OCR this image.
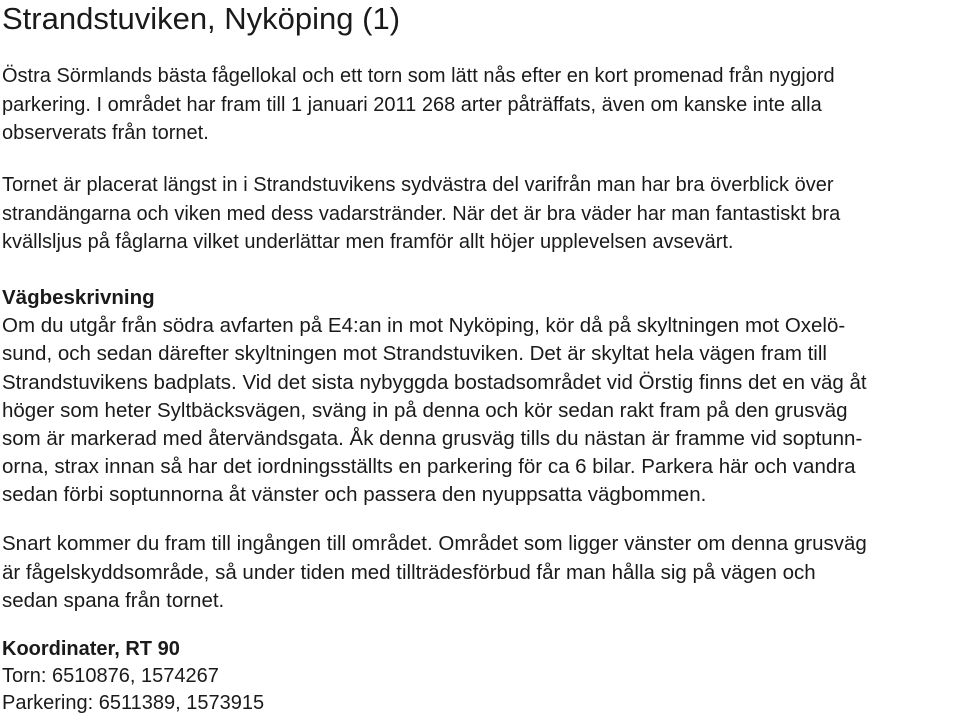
Strandstuviken, Nyköping (1)

Östra Sörmlands bästa fågellokal och ett torn som lätt nås efter en kort promenad från nygjord

parkering. I området har fram till 1 januari 2011 268 arter påträffats, även om kanske inte alla

observerats från tornet.

Tornet är placerat längst in i Strandstuvikens sydvästra del varifrån man har bra överblick över

strandängarna och viken med dess vadarstränder. När det är bra väder har man fantastiskt bra

kvällsljus på fåglarna vilket underlättar men framför allt höjer upplevelsen avsevärt.

Vägbeskrivning

Om du utgår från södra avfarten på E4:an in mot Nyköping, kör då på skyltningen mot Oxelö-

sund, och sedan därefter skyltningen mot Strandstuviken. Det är skyltat hela vägen fram till

Strandstuvikens badplats. Vid det sista nybyggda bostadsområdet vid Örstig finns det en väg åt

höger som heter Syltbäcksvägen, sväng in på denna och kör sedan rakt fram på den grusväg

som är markerad med återvändsgata. Åk denna grusväg tills du nästan är framme vid soptunn-

orna, strax innan så har det iordningsställts en parkering för ca 6 bilar. Parkera här och vandra

sedan förbi soptunnorna åt vänster och passera den nyuppsatta vägbommen.

Snart kommer du fram till ingången till området. Området som ligger vänster om denna grusväg

är fågelskyddsområde, så under tiden med tillträdesförbud får man hålla sig på vägen och

sedan spana från tornet.

Koordinater, RT 90

Torn: 6510876, 1574267

Parkering: 6511389, 1573915
